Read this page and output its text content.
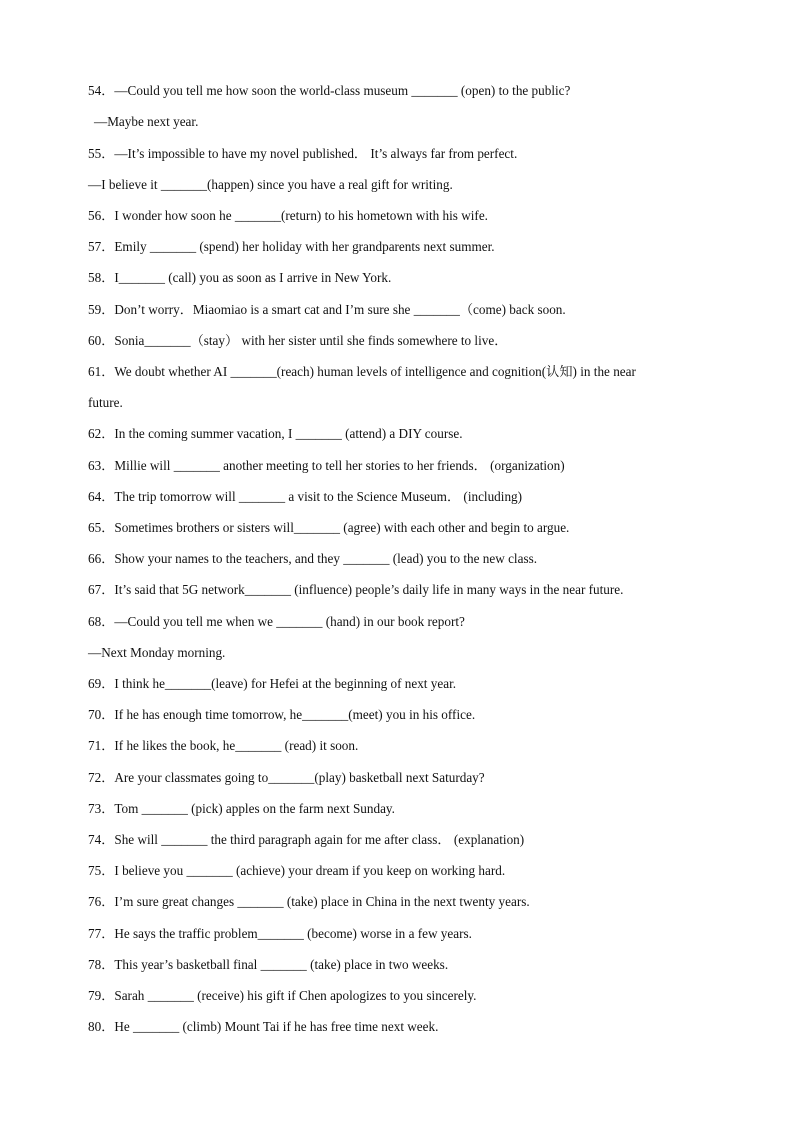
54．—Could you tell me how soon the world-class museum _______ (open) to the public?
—Maybe next year.
55．—It’s impossible to have my novel published． It’s always far from perfect.
—I believe it _______(happen) since you have a real gift for writing.
56．I wonder how soon he _______(return) to his hometown with his wife.
57．Emily _______ (spend) her holiday with her grandparents next summer.
58．I_______ (call) you as soon as I arrive in New York.
59．Don’t worry．Miaomiao is a smart cat and I’m sure she _______（come) back soon.
60．Sonia_______（stay） with her sister until she finds somewhere to live．
61．We doubt whether AI _______(reach) human levels of intelligence and cognition(认知) in the near
future.
62．In the coming summer vacation, I _______ (attend) a DIY course.
63．Millie will _______ another meeting to tell her stories to her friends． (organization)
64．The trip tomorrow will _______ a visit to the Science Museum． (including)
65．Sometimes brothers or sisters will_______ (agree) with each other and begin to argue.
66．Show your names to the teachers, and they _______ (lead) you to the new class.
67．It’s said that 5G network_______ (influence) people’s daily life in many ways in the near future.
68．—Could you tell me when we _______ (hand) in our book report?
—Next Monday morning.
69．I think he_______(leave) for Hefei at the beginning of next year.
70．If he has enough time tomorrow, he_______(meet) you in his office.
71．If he likes the book, he_______ (read) it soon.
72．Are your classmates going to_______(play) basketball next Saturday?
73．Tom _______ (pick) apples on the farm next Sunday.
74．She will _______ the third paragraph again for me after class． (explanation)
75．I believe you _______ (achieve) your dream if you keep on working hard.
76．I’m sure great changes _______ (take) place in China in the next twenty years.
77．He says the traffic problem_______ (become) worse in a few years.
78．This year’s basketball final _______ (take) place in two weeks.
79．Sarah _______ (receive) his gift if Chen apologizes to you sincerely.
80．He _______ (climb) Mount Tai if he has free time next week.
